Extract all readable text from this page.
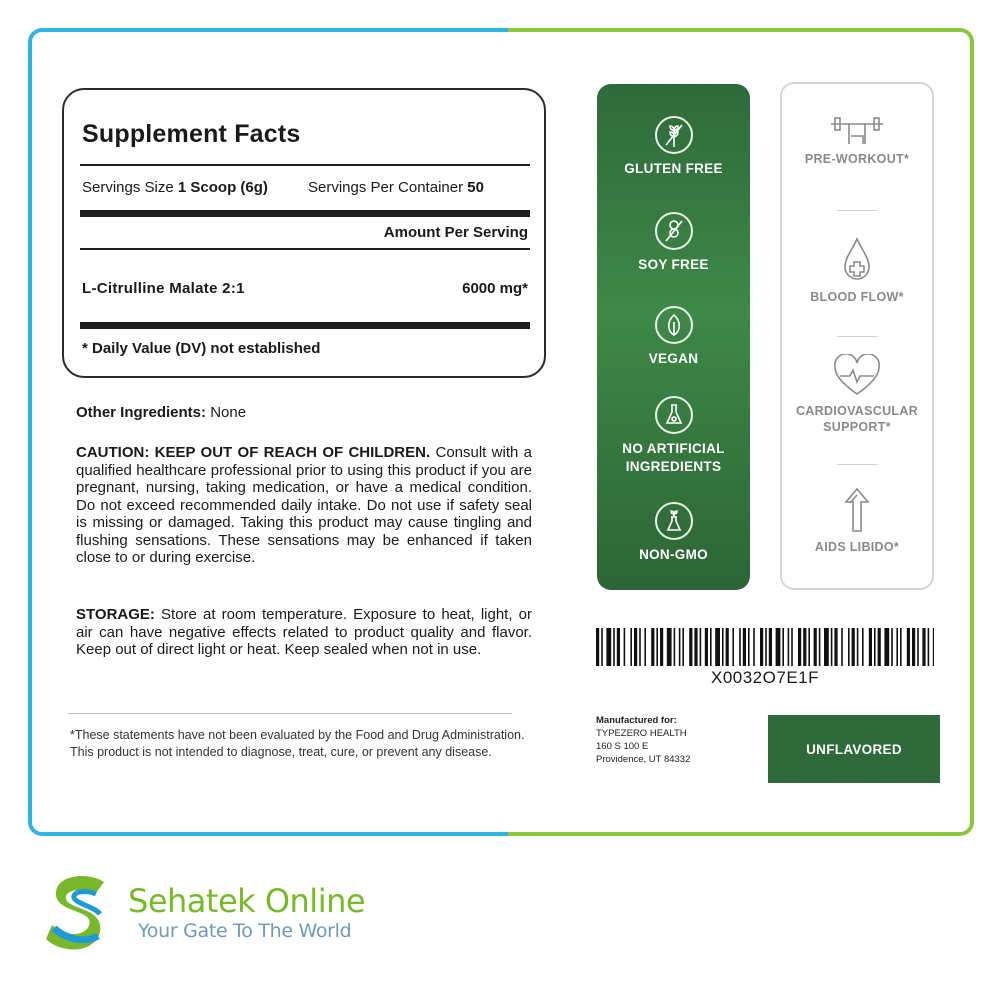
Supplement Facts
Servings Size 1 Scoop (6g)	Servings Per Container 50
Amount Per Serving
L-Citrulline Malate 2:1	6000 mg*
* Daily Value (DV) not established
Other Ingredients: None
CAUTION: KEEP OUT OF REACH OF CHILDREN. Consult with a qualified healthcare professional prior to using this product if you are pregnant, nursing, taking medication, or have a medical condition. Do not exceed recommended daily intake. Do not use if safety seal is missing or damaged. Taking this product may cause tingling and flushing sensations. These sensations may be enhanced if taken close to or during exercise.
STORAGE: Store at room temperature. Exposure to heat, light, or air can have negative effects related to product quality and flavor. Keep out of direct light or heat. Keep sealed when not in use.
*These statements have not been evaluated by the Food and Drug Administration. This product is not intended to diagnose, treat, cure, or prevent any disease.
GLUTEN FREE
SOY FREE
VEGAN
NO ARTIFICIAL INGREDIENTS
NON-GMO
PRE-WORKOUT*
BLOOD FLOW*
CARDIOVASCULAR SUPPORT*
AIDS LIBIDO*
X0032O7E1F
Manufactured for:
TYPEZERO HEALTH
160 S 100 E
Providence, UT 84332
UNFLAVORED
Sehatek Online
Your Gate To The World
